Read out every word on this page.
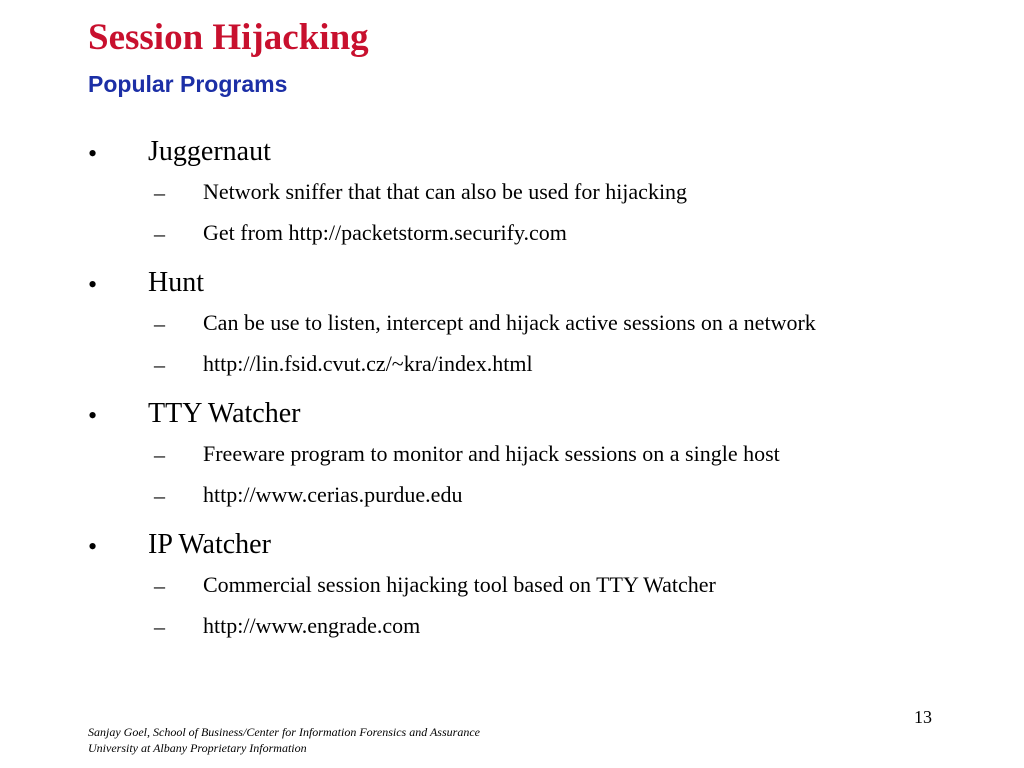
Session Hijacking
Popular Programs
• Juggernaut
– Network sniffer that that can also be used for hijacking
– Get from http://packetstorm.securify.com
• Hunt
– Can be use to listen, intercept and hijack active sessions on a network
– http://lin.fsid.cvut.cz/~kra/index.html
• TTY Watcher
– Freeware program to monitor and hijack sessions on a single host
– http://www.cerias.purdue.edu
• IP Watcher
– Commercial session hijacking tool based on TTY Watcher
– http://www.engrade.com
13
Sanjay Goel, School of Business/Center for Information Forensics and Assurance
University at Albany Proprietary Information
